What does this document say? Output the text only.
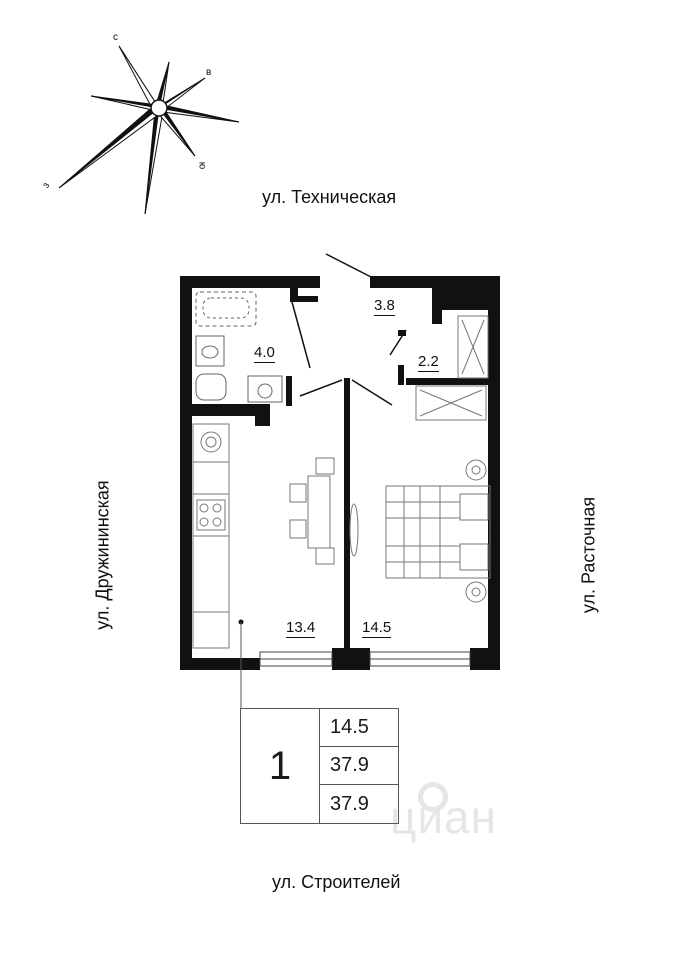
с
в
ю
з
ул. Техническая
ул. Строителей
ул. Дружининская	ул. Расточная
3.8
4.0
2.2
13.4	14.5
циан
1
14.5
37.9
37.9
